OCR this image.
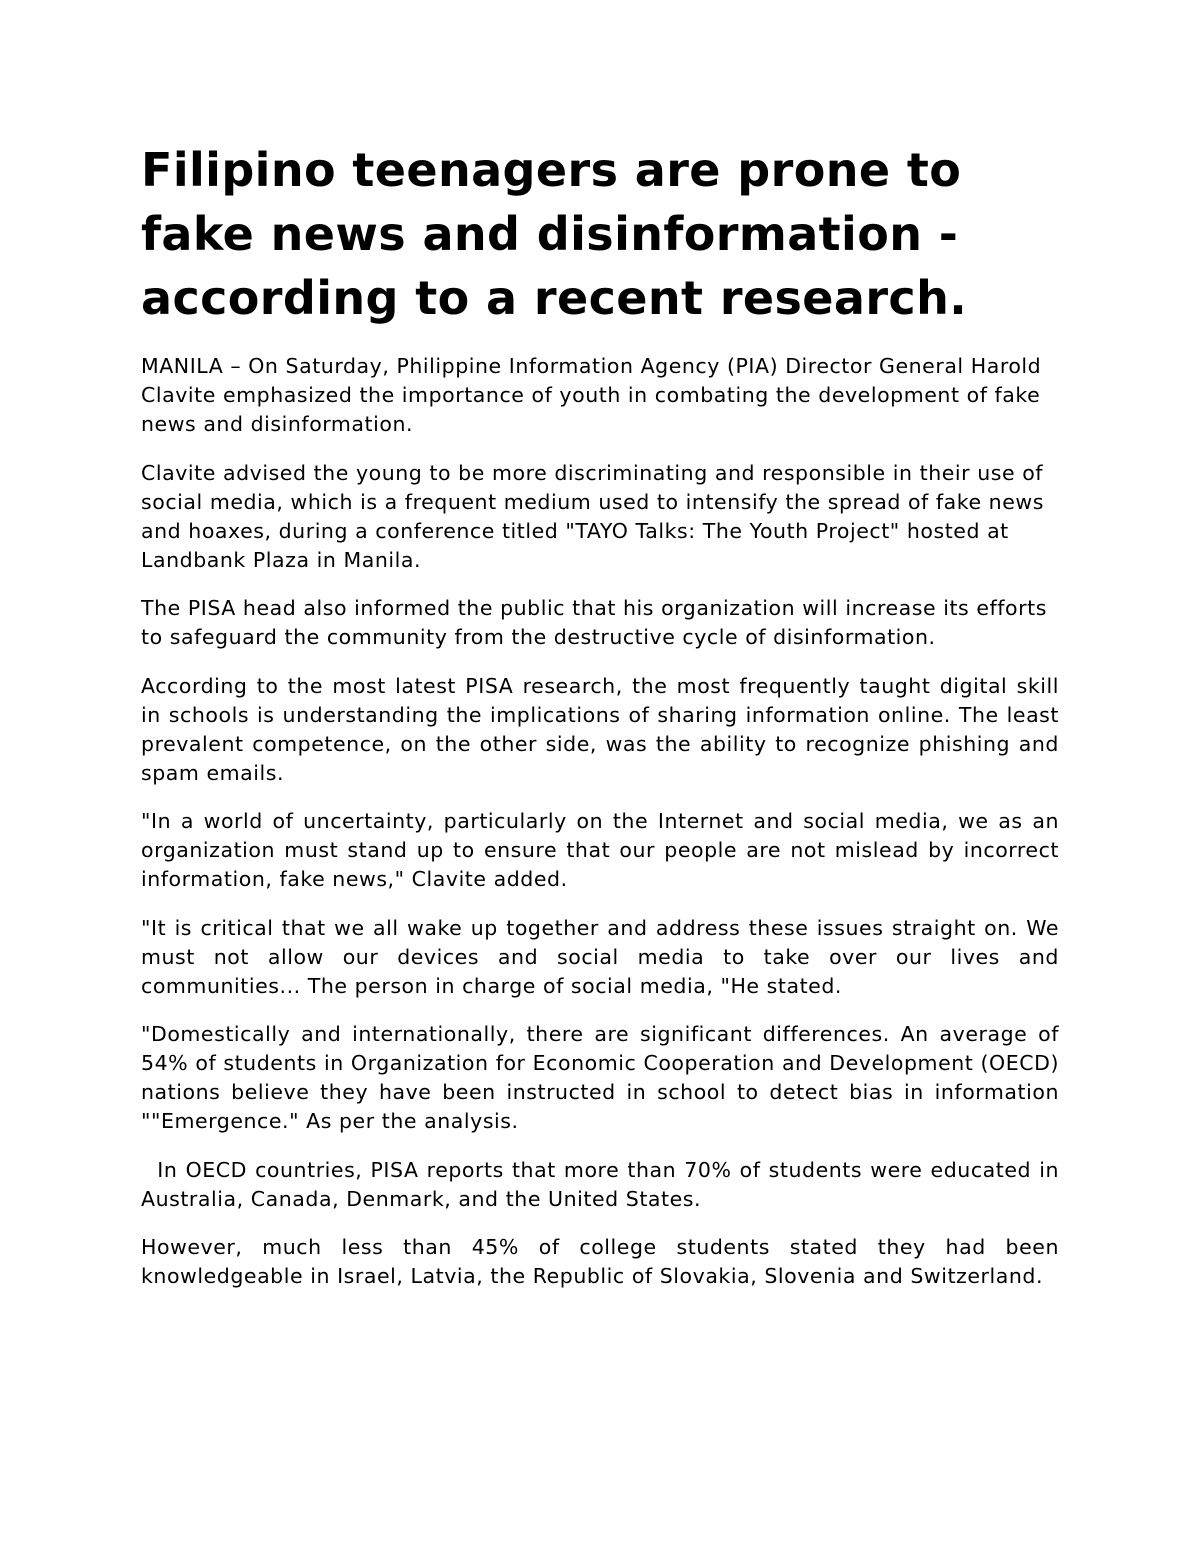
Filipino teenagers are prone to fake news and disinformation - according to a recent research.

MANILA – On Saturday, Philippine Information Agency (PIA) Director General Harold Clavite emphasized the importance of youth in combating the development of fake news and disinformation.

Clavite advised the young to be more discriminating and responsible in their use of social media, which is a frequent medium used to intensify the spread of fake news and hoaxes, during a conference titled "TAYO Talks: The Youth Project" hosted at Landbank Plaza in Manila.

The PISA head also informed the public that his organization will increase its efforts to safeguard the community from the destructive cycle of disinformation.

According to the most latest PISA research, the most frequently taught digital skill in schools is understanding the implications of sharing information online. The least prevalent competence, on the other side, was the ability to recognize phishing and spam emails.

"In a world of uncertainty, particularly on the Internet and social media, we as an organization must stand up to ensure that our people are not mislead by incorrect information, fake news," Clavite added.

"It is critical that we all wake up together and address these issues straight on. We must not allow our devices and social media to take over our lives and communities... The person in charge of social media, "He stated.

"Domestically and internationally, there are significant differences. An average of 54% of students in Organization for Economic Cooperation and Development (OECD) nations believe they have been instructed in school to detect bias in information ""Emergence." As per the analysis.

In OECD countries, PISA reports that more than 70% of students were educated in Australia, Canada, Denmark, and the United States.

However, much less than 45% of college students stated they had been knowledgeable in Israel, Latvia, the Republic of Slovakia, Slovenia and Switzerland.
